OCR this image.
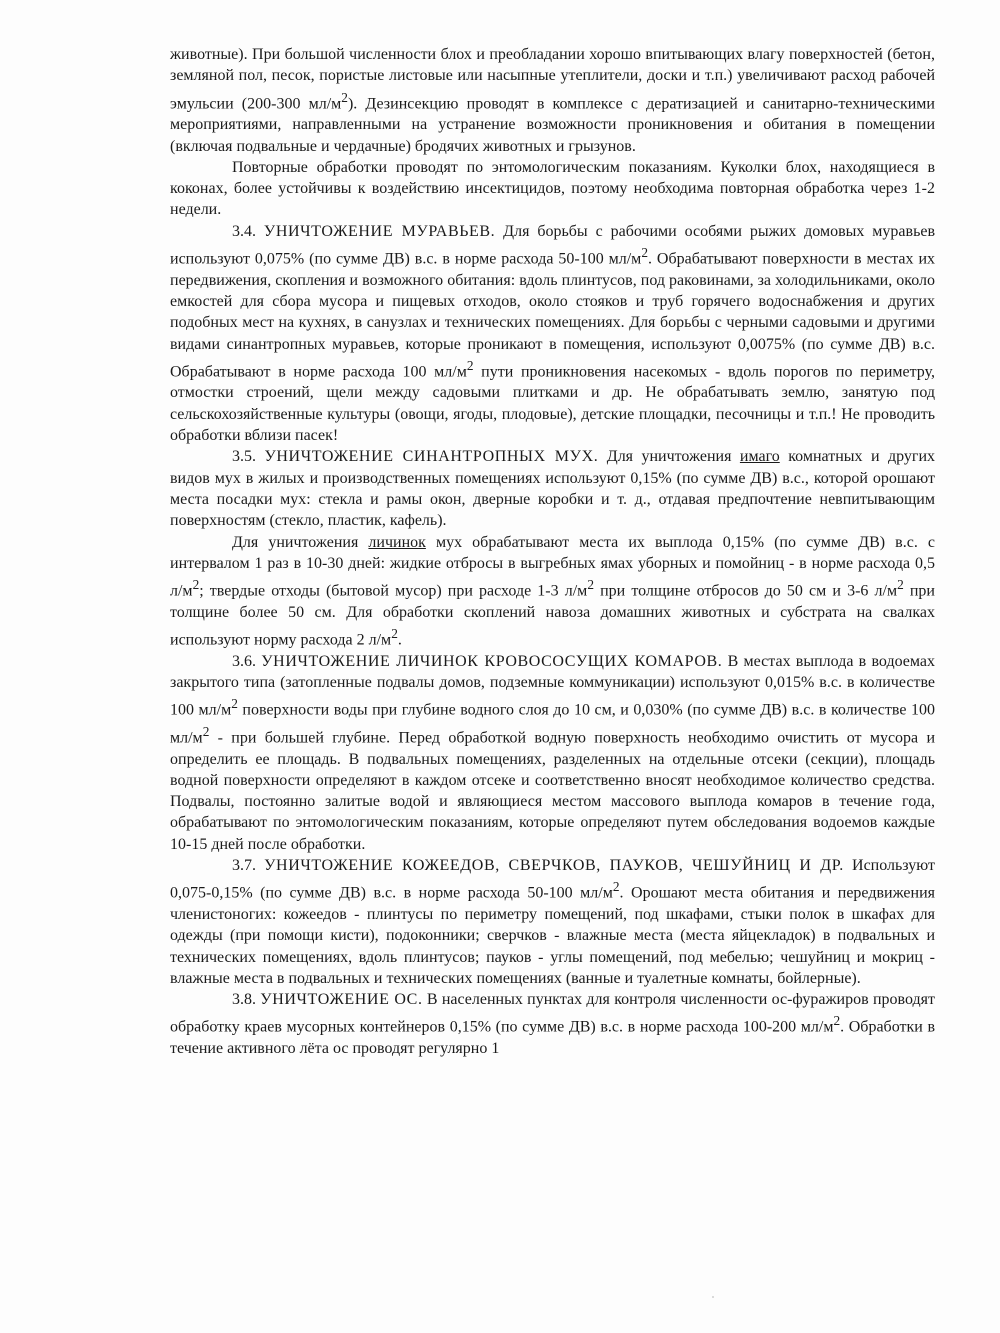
животные). При большой численности блох и преобладании хорошо впитывающих влагу поверхностей (бетон, земляной пол, песок, пористые листовые или насыпные утеплители, доски и т.п.) увеличивают расход рабочей эмульсии (200-300 $мл/м^2$). Дезинсекцию проводят в комплексе с дератизацией и санитарно-техническими мероприятиями, направленными на устранение возможности проникновения и обитания в помещении (включая подвальные и чердачные) бродячих животных и грызунов.

Повторные обработки проводят по энтомологическим показаниям. Куколки блох, находящиеся в коконах, более устойчивы к воздействию инсектицидов, поэтому необходима повторная обработка через 1-2 недели.

3.4. УНИЧТОЖЕНИЕ МУРАВЬЕВ. Для борьбы с рабочими особями рыжих домовых муравьев используют 0,075% (по сумме ДВ) в.с. в норме расхода 50-100 $мл/м^2$. Обрабатывают поверхности в местах их передвижения, скопления и возможного обитания: вдоль плинтусов, под раковинами, за холодильниками, около емкостей для сбора мусора и пищевых отходов, около стояков и труб горячего водоснабжения и других подобных мест на кухнях, в санузлах и технических помещениях. Для борьбы с черными садовыми и другими видами синантропных муравьев, которые проникают в помещения, используют 0,0075% (по сумме ДВ) в.с. Обрабатывают в норме расхода 100 $мл/м^2$ пути проникновения насекомых - вдоль порогов по периметру, отмостки строений, щели между садовыми плитками и др. Не обрабатывать землю, занятую под сельскохозяйственные культуры (овощи, ягоды, плодовые), детские площадки, песочницы и т.п.! Не проводить обработки вблизи пасек!

3.5. УНИЧТОЖЕНИЕ СИНАНТРОПНЫХ МУХ. Для уничтожения имаго комнатных и других видов мух в жилых и производственных помещениях используют 0,15% (по сумме ДВ) в.с., которой орошают места посадки мух: стекла и рамы окон, дверные коробки и т. д., отдавая предпочтение невпитывающим поверхностям (стекло, пластик, кафель).

Для уничтожения личинок мух обрабатывают места их выплода 0,15% (по сумме ДВ) в.с. с интервалом 1 раз в 10-30 дней: жидкие отбросы в выгребных ямах уборных и помойниц - в норме расхода 0,5 $л/м^2$; твердые отходы (бытовой мусор) при расходе 1-3 $л/м^2$ при толщине отбросов до 50 см и 3-6 $л/м^2$ при толщине более 50 см. Для обработки скоплений навоза домашних животных и субстрата на свалках используют норму расхода 2 $л/м^2$.

3.6. УНИЧТОЖЕНИЕ ЛИЧИНОК КРОВОСОСУЩИХ КОМАРОВ. В местах выплода в водоемах закрытого типа (затопленные подвалы домов, подземные коммуникации) используют 0,015% в.с. в количестве 100 $мл/м^2$ поверхности воды при глубине водного слоя до 10 см, и 0,030% (по сумме ДВ) в.с. в количестве 100 $мл/м^2$ - при большей глубине. Перед обработкой водную поверхность необходимо очистить от мусора и определить ее площадь. В подвальных помещениях, разделенных на отдельные отсеки (секции), площадь водной поверхности определяют в каждом отсеке и соответственно вносят необходимое количество средства. Подвалы, постоянно залитые водой и являющиеся местом массового выплода комаров в течение года, обрабатывают по энтомологическим показаниям, которые определяют путем обследования водоемов каждые 10-15 дней после обработки.

3.7. УНИЧТОЖЕНИЕ КОЖЕЕДОВ, СВЕРЧКОВ, ПАУКОВ, ЧЕШУЙНИЦ И ДР. Используют 0,075-0,15% (по сумме ДВ) в.с. в норме расхода 50-100 $мл/м^2$. Орошают места обитания и передвижения членистоногих: кожеедов - плинтусы по периметру помещений, под шкафами, стыки полок в шкафах для одежды (при помощи кисти), подоконники; сверчков - влажные места (места яйцекладок) в подвальных и технических помещениях, вдоль плинтусов; пауков - углы помещений, под мебелью; чешуйниц и мокриц - влажные места в подвальных и технических помещениях (ванные и туалетные комнаты, бойлерные).

3.8. УНИЧТОЖЕНИЕ ОС. В населенных пунктах для контроля численности ос-фуражиров проводят обработку краев мусорных контейнеров 0,15% (по сумме ДВ) в.с. в норме расхода 100-200 $мл/м^2$. Обработки в течение активного лёта ос проводят регулярно 1
